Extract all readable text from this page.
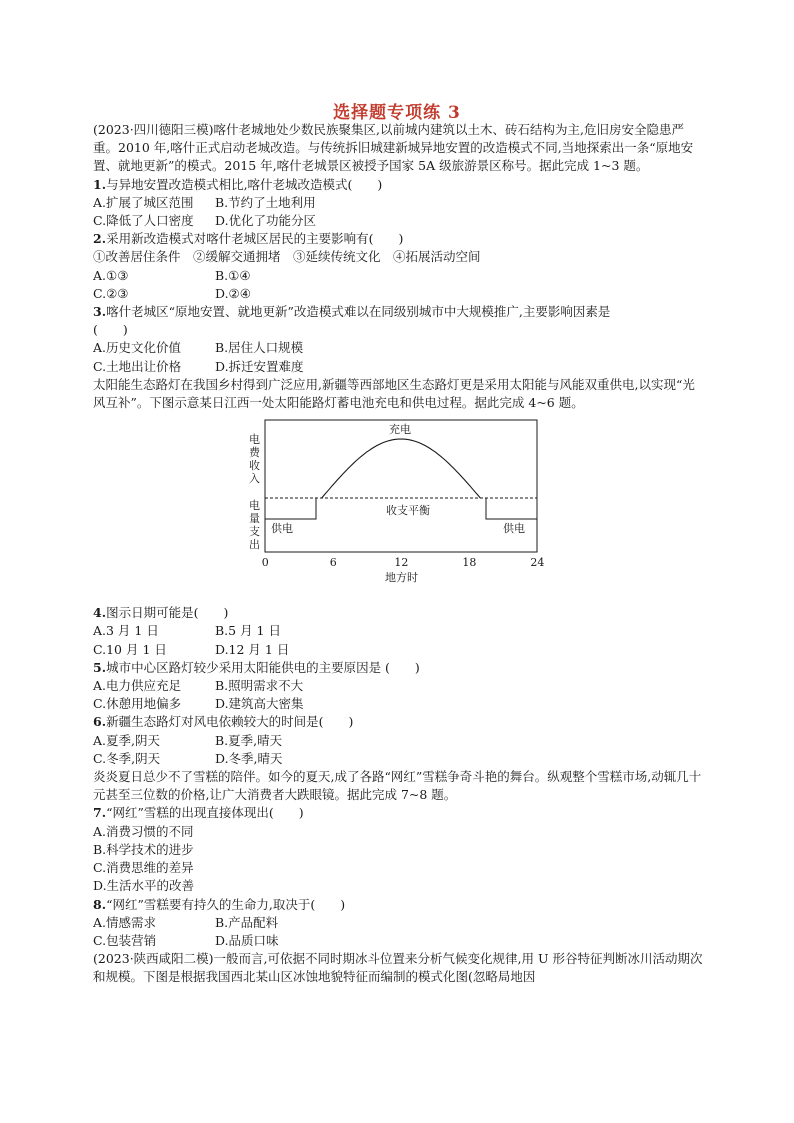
选择题专项练 3

(2023·四川德阳三模)喀什老城地处少数民族聚集区,以前城内建筑以土木、砖石结构为主,危旧房安全隐患严重。2010 年,喀什正式启动老城改造。与传统拆旧城建新城异地安置的改造模式不同,当地探索出一条“原地安置、就地更新”的模式。2015 年,喀什老城景区被授予国家 5A 级旅游景区称号。据此完成 1~3 题。

1.与异地安置改造模式相比,喀什老城改造模式(　　)

A.扩展了城区范围	B.节约了土地利用
C.降低了人口密度	D.优化了功能分区

2.采用新改造模式对喀什老城区居民的主要影响有(　　)

①改善居住条件　②缓解交通拥堵　③延续传统文化　④拓展活动空间

A.①③	B.①④
C.②③	D.②④

3.喀什老城区“原地安置、就地更新”改造模式难以在同级别城市中大规模推广,主要影响因素是

(　　)

A.历史文化价值	B.居住人口规模
C.土地出让价格	D.拆迁安置难度

太阳能生态路灯在我国乡村得到广泛应用,新疆等西部地区生态路灯更是采用太阳能与风能双重供电,以实现“光风互补”。下图示意某日江西一处太阳能路灯蓄电池充电和供电过程。据此完成 4~6 题。

电
费
收
入
电
量
支
出
充电
收支平衡
供电	供电
0	6	12	18	24
地方时

4.图示日期可能是(　　)

A.3 月 1 日	B.5 月 1 日
C.10 月 1 日	D.12 月 1 日

5.城市中心区路灯较少采用太阳能供电的主要原因是 (　　)

A.电力供应充足	B.照明需求不大
C.休憩用地偏多	D.建筑高大密集

6.新疆生态路灯对风电依赖较大的时间是(　　)

A.夏季,阴天	B.夏季,晴天
C.冬季,阴天	D.冬季,晴天

炎炎夏日总少不了雪糕的陪伴。如今的夏天,成了各路“网红”雪糕争奇斗艳的舞台。纵观整个雪糕市场,动辄几十元甚至三位数的价格,让广大消费者大跌眼镜。据此完成 7~8 题。

7.“网红”雪糕的出现直接体现出(　　)

A.消费习惯的不同

B.科学技术的进步

C.消费思维的差异

D.生活水平的改善

8.“网红”雪糕要有持久的生命力,取决于(　　)

A.情感需求	B.产品配料
C.包装营销	D.品质口味

(2023·陕西咸阳二模)一般而言,可依据不同时期冰斗位置来分析气候变化规律,用 U 形谷特征判断冰川活动期次和规模。下图是根据我国西北某山区冰蚀地貌特征而编制的模式化图(忽略局地因
